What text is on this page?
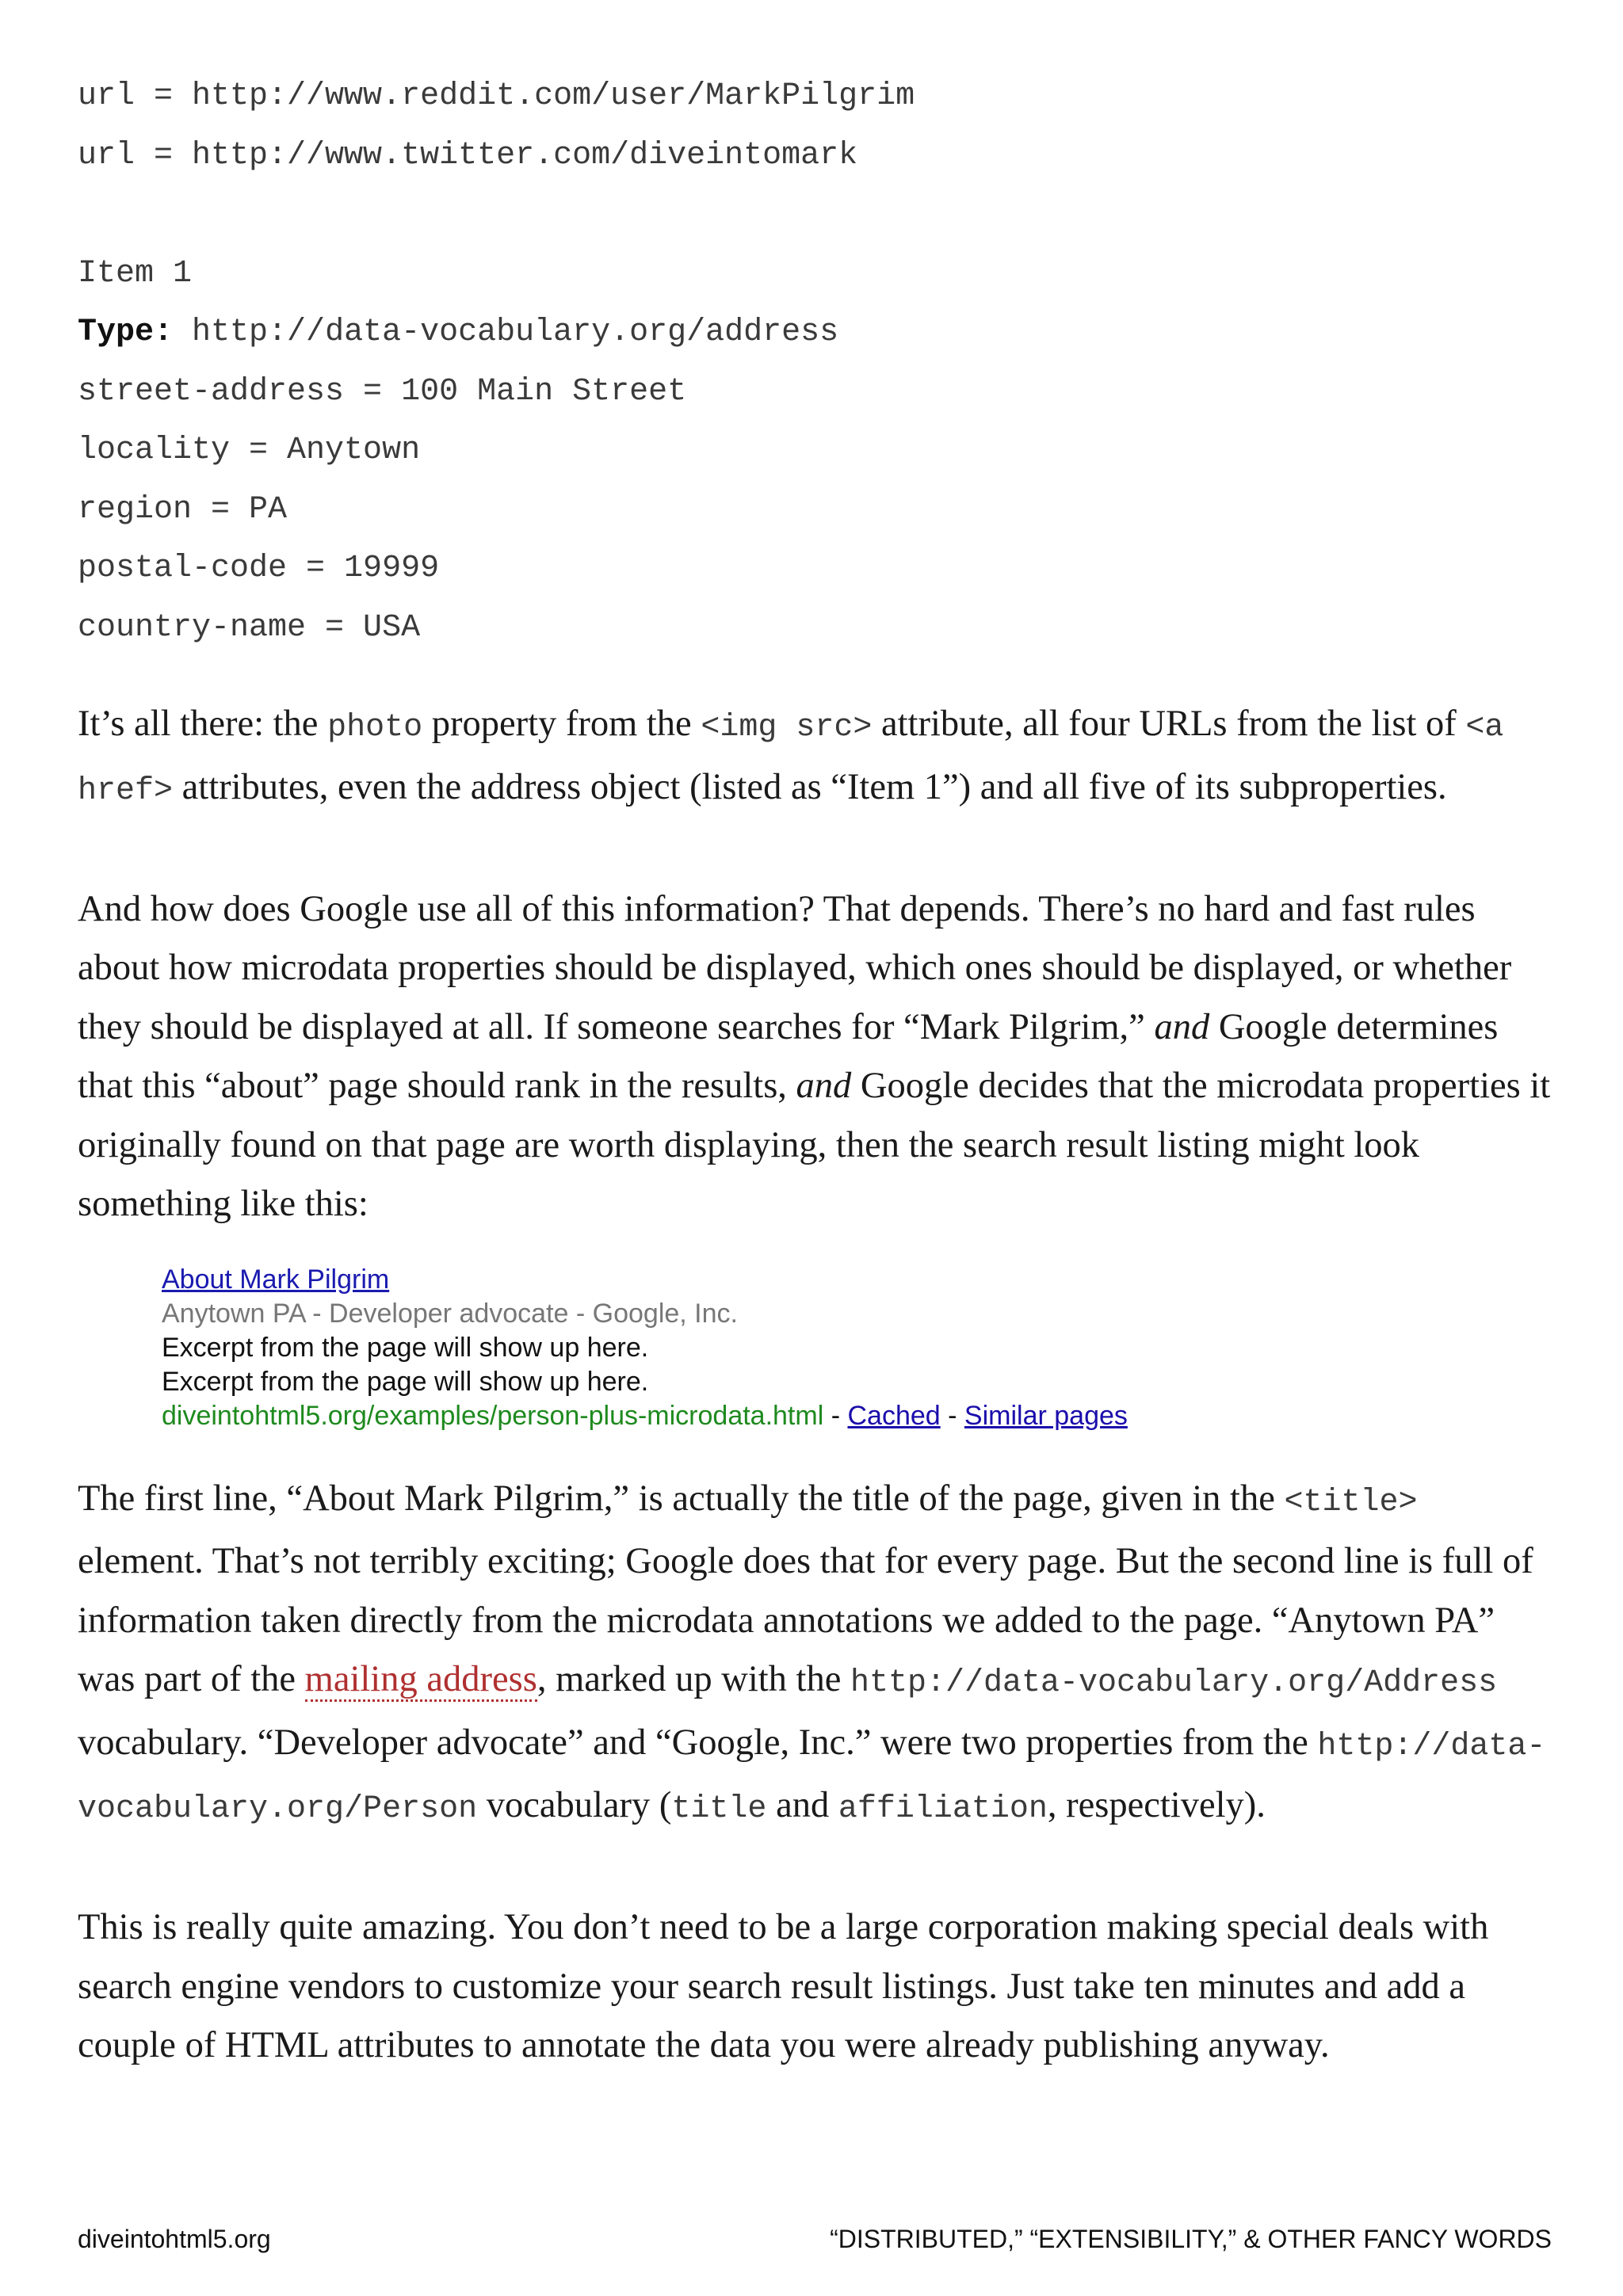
url = http://www.reddit.com/user/MarkPilgrim
url = http://www.twitter.com/diveintomark
Item 1
Type: http://data-vocabulary.org/address
street-address = 100 Main Street
locality = Anytown
region = PA
postal-code = 19999
country-name = USA

It’s all there: the photo property from the <img src> attribute, all four URLs from the list of <a href> attributes, even the address object (listed as “Item 1”) and all five of its subproperties.

And how does Google use all of this information? That depends. There’s no hard and fast rules about how microdata properties should be displayed, which ones should be displayed, or whether they should be displayed at all. If someone searches for “Mark Pilgrim,” and Google determines that this “about” page should rank in the results, and Google decides that the microdata properties it originally found on that page are worth displaying, then the search result listing might look something like this:

About Mark Pilgrim
Anytown PA - Developer advocate - Google, Inc.
Excerpt from the page will show up here.
Excerpt from the page will show up here.
diveintohtml5.org/examples/person-plus-microdata.html - Cached - Similar pages

The first line, “About Mark Pilgrim,” is actually the title of the page, given in the <title> element. That’s not terribly exciting; Google does that for every page. But the second line is full of information taken directly from the microdata annotations we added to the page. “Anytown PA” was part of the mailing address, marked up with the http://data-vocabulary.org/Address vocabulary. “Developer advocate” and “Google, Inc.” were two properties from the http://data-vocabulary.org/Person vocabulary (title and affiliation, respectively).

This is really quite amazing. You don’t need to be a large corporation making special deals with search engine vendors to customize your search result listings. Just take ten minutes and add a couple of HTML attributes to annotate the data you were already publishing anyway.

diveintohtml5.org	“DISTRIBUTED,” “EXTENSIBILITY,” & OTHER FANCY WORDS
